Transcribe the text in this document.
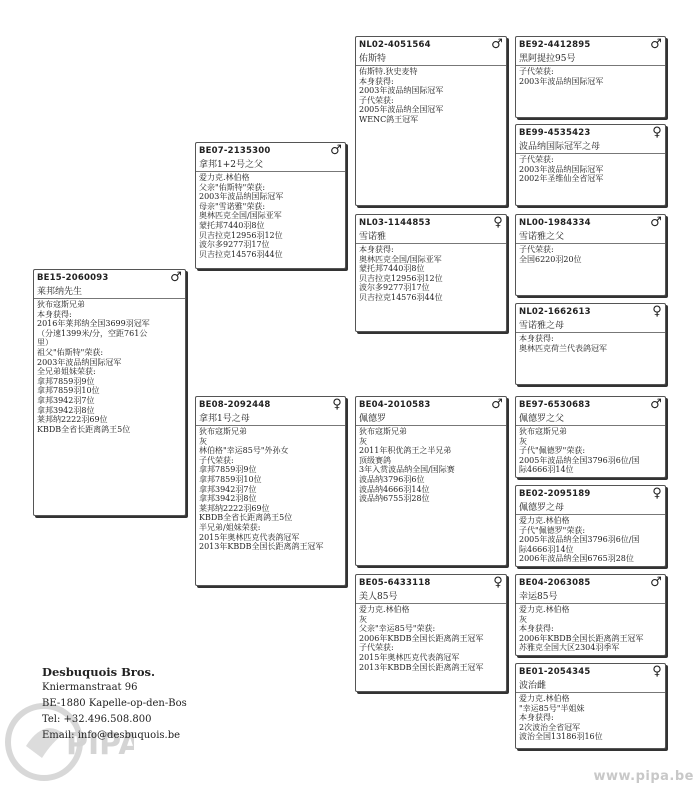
BE15-2060093	♂
莱邦纳先生
狄布寇斯兄弟
本身获得:
2016年莱邦纳全国3699羽冠军
（分速1399米/分，空距761公
里）
祖父"佑斯特"荣获:
2003年波品纳国际冠军
全兄弟姐妹荣获:
拿邦7859羽9位
拿邦7859羽10位
拿邦3942羽7位
拿邦3942羽8位
莱邦纳2222羽69位
KBDB全省长距离鸽王5位
BE07-2135300	♂
拿邦1+2号之父
爱力克.林伯格
父亲"佑斯特"荣获:
2003年波品纳国际冠军
母亲"雪诺雅"荣获:
奥林匹克全国/国际亚军
蒙托邦7440羽8位
贝吉拉克12956羽12位
波尔多9277羽17位
贝吉拉克14576羽44位
BE08-2092448	♀
拿邦1号之母
狄布寇斯兄弟
灰
林伯格"幸运85号"外孙女
子代荣获:
拿邦7859羽9位
拿邦7859羽10位
拿邦3942羽7位
拿邦3942羽8位
莱邦纳2222羽69位
KBDB全省长距离鸽王5位
半兄弟/姐妹荣获:
2015年奥林匹克代表鸽冠军
2013年KBDB全国长距离鸽王冠军
NL02-4051564	♂
佑斯特
佑斯特.狄史麦特
本身获得:
2003年波品纳国际冠军
子代荣获:
2005年波品纳全国冠军
WENC鸽王冠军
NL03-1144853	♀
雪诺雅
本身获得:
奥林匹克全国/国际亚军
蒙托邦7440羽8位
贝吉拉克12956羽12位
波尔多9277羽17位
贝吉拉克14576羽44位
BE04-2010583	♂
佩德罗
狄布寇斯兄弟
灰
2011年积优鸽王之半兄弟
顶级赛鸽
3年入赏波品纳全国/国际赛
波品纳3796羽6位
波品纳4666羽14位
波品纳6755羽28位
BE05-6433118	♀
美人85号
爱力克.林伯格
灰
父亲"幸运85号"荣获:
2006年KBDB全国长距离鸽王冠军
子代荣获:
2015年奥林匹克代表鸽冠军
2013年KBDB全国长距离鸽王冠军
BE92-4412895	♂
黑阿提拉95号
子代荣获:
2003年波品纳国际冠军
BE99-4535423	♀
波品纳国际冠军之母
子代荣获:
2003年波品纳国际冠军
2002年圣维仙全省冠军
NL00-1984334	♂
雪诺雅之父
子代荣获:
全国6220羽20位
NL02-1662613	♀
雪诺雅之母
本身获得:
奥林匹克荷兰代表鸽冠军
BE97-6530683	♂
佩德罗之父
狄布寇斯兄弟
灰
子代"佩德罗"荣获:
2005年波品纳全国3796羽6位/国
际4666羽14位
BE02-2095189	♀
佩德罗之母
爱力克.林伯格
子代"佩德罗"荣获:
2005年波品纳全国3796羽6位/国
际4666羽14位
2006年波品纳全国6765羽28位
BE04-2063085	♂
幸运85号
爱力克.林伯格
灰
本身获得:
2006年KBDB全国长距离鸽王冠军
苏雅克全国大区2304羽季军
BE01-2054345	♀
波治雌
爱力克.林伯格
"幸运85号"半姐妹
本身获得:
2次波治全省冠军
波治全国13186羽16位
PIPA
www.pipa.be
Desbuquois Bros.
Kniermanstraat 96
BE-1880 Kapelle-op-den-Bos
Tel: +32.496.508.800
Email: info@desbuquois.be
